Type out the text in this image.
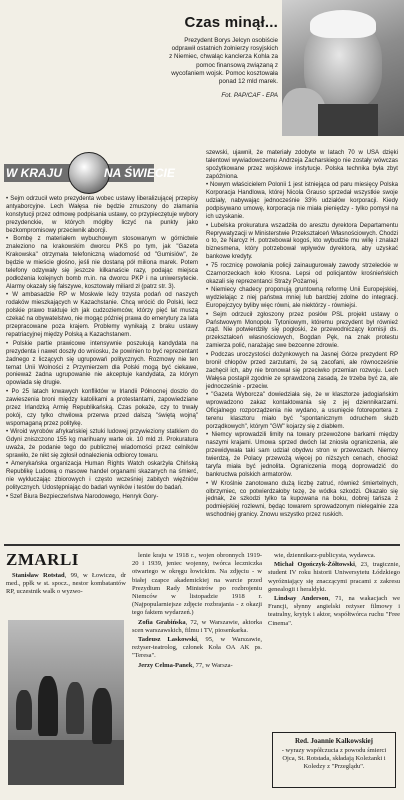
Czas minął...

Prezydent Borys Jelcyn osobiście odprawił ostatnich żołnierzy rosyjskich z Niemiec, chwaląc kanclerza Kohla za pomoc finansową związaną z wycofaniem wojsk. Pomoc kosztowała ponad 12 mld marek.

Fot. PAP/CAF - EPA
W KRAJU	NA ŚWIECIE

• Sejm odrzucił weto prezydenta wobec ustawy liberalizującej przepisy antyaborcyjne. Lech Wałęsa nie będzie zmuszony do złamania konstytucji przez odmowę podpisania ustawy, co przypieczętuje wybory prezydenckie, w których mógłby liczyć na punkty jako bezkompromisowy przeciwnik aborcji.

• Bombę z materiałem wybuchowym stosowanym w górnictwie znaleziono na krakowskim dworcu PKS po tym, jak "Gazeta Krakowska" otrzymała telefoniczną wiadomość od "Gumisiów", że będzie w mieście głośno, jeśli nie dostaną pół miliona marek. Potem telefony odzywały się jeszcze kilkanaście razy, podając miejsca podłożenia kolejnych bomb m.in. na dworcu PKP i na uniwersytecie. Alarmy okazały się fałszywe, kosztowały miliard zł (patrz str. 3).

• W ambasadzie RP w Moskwie leży trzysta podań od naszych rodaków mieszkających w Kazachstanie. Chcą wrócić do Polski, lecz polskie prawo traktuje ich jak cudzoziemców, którzy pięć lat muszą czekać na obywatelstwo, nie mogąc później prawa do emerytury za lata przepracowane poza krajem. Problemy wynikają z braku ustawy repatriacyjnej między Polską a Kazachstanem.

• Polskie partie prawicowe intensywnie poszukują kandydata na prezydenta i nawet doszły do wniosku, że powinien to być reprezentant żadnego z liczących się ugrupowań politycznych. Rozmowy nie ten temat Unii Wolności z Przymierzem dla Polski mogą być ciekawe, ponieważ żadna ugrupowanie nie akceptuje kandydata, za którym opowiada się drugie.

• Po 25 latach krwawych konfliktów w Irlandii Północnej doszło do zawieszenia broni między katolikami a protestantami, zapowiedziane przez Irlandzką Armię Republikańską. Czas pokaże, czy to trwały pokój, czy tylko chwilowa przerwa przed dalszą "świętą wojną" wspomaganą przez politykę.

• Wiroid wyrobów afrykańskiej sztuki ludowej przywieziony statkiem do Gdyni zniszczono 155 kg marihuany warte ok. 10 mld zł. Prokuratura uważa, że podanie tego do publicznej wiadomości przez celników sprawiło, że nikt się zgłosił odnalezienia odbiorcy towaru.

• Amerykańska organizacja Human Rights Watch oskarżyła Chińską Republikę Ludową o masowe handel organami skazanych na śmierć, nie wykluczając zbiorowych i często wcześniej zabitych więźniów politycznych. Udostępniając do badań wyników i testów do badań.

• Szef Biura Bezpieczeństwa Narodowego, Henryk Gory-

szewski, ujawnił, że materiały zdobyte w latach 70 w USA dzięki talentowi wywiadowczemu Andrzeja Zacharskiego nie zostały wówczas spożytkowane przez wojskowe instytucje. Polska technika była zbyt zapóźniona.

• Nowym właścicielem Polonii 1 jest istniejąca od paru miesięcy Polska Korporacja Handlowa, której Nicola Grauso sprzedał wszystkie swoje udziały, nabywając jednocześnie 33% udziałów korporacji. Kiedy podpisywano umowę, korporacja nie miała pieniędzy - tylko pomysł na ich uzyskanie.

• Lubelska prokuratura wszadziła do aresztu dyrektora Departamentu Reprywatyzacji w Ministerstwie Przekształceń Własnościowych. Chodzi o to, że Narcyz H. potrzebował kogoś, kto wybudzie mu willę i znalazł biznesmena, który potrzebował wpływów dyrektora, aby uzyskać bankowe kredyty.

• 75 rocznicę powołania policji zainaugurowały zawody strzeleckie w Czarnorzeckach koło Krosna. Lepsi od policjantów krośnieńskich okazali się reprezentanci Straży Pożarnej.

• Niemiecy chadecy proponują gruntowną reformę Unii Europejskiej, wydzielając z niej państwa mniej lub bardziej zdolne do integracji. Europejczycy byliby więc równi, ale niektórzy - równiejsi.

• Sejm odrzucił zgłoszony przez posłów PSL projekt ustawy o Państwowym Monopolu Tytoniowym, któremu prezydent był również rząd. Nie potwierdziły się pogłoski, że przewodniczący komisji ds. przekształceń własnościowych, Bogdan Pęk, na znak protestu zamierza polić, narażając swe bezcenne zdrowie.

• Podczas uroczystości dożynkowych na Jasnej Górze prezydent RP bronił chłopów przed zarzutami, że są zacofani, ale równocześnie zachęcił ich, aby nie bronował się przeciwko przemian rozwoju. Lech Wałęsa postąpił zgodnie ze sprawdzoną zasadą, że trzeba być za, ale jednocześnie - przeciw.

• "Gazeta Wyborcza" dowiedziała się, że w klasztorze jadogiańskim wprowadzono zakaz kontaktowania się z jej dziennikarzami. Oficjalnego rozporządzenia nie wydano, a usunięcie fotoreportera z terenu klasztoru miało być "spontanicznym odruchem służb porządkowych", którym "GW" kojarzy się z diabłem.

• Niemcy wprowadzili limity na towary przewożone barkami między naszymi krajami. Umowa sprzed dwóch lat zniosła ograniczenia, ale przewidywała taki sam udział obydwu stron w przewozach. Niemcy twierdzą, że Polacy przewożą więcej po niższych cenach, chociaż taryfa miała być jednolita. Ograniczenia mogą doprowadzić do bankructwa polskich armatorów.

• W Kroślnie zanotowano dużą liczbę zatruć, również śmiertelnych, olbrzymiec, co potwierdzałoby tezę, że wódka szkodzi. Okazało się jednak, że szkodzi tylko ta kupowana na boku, dobrej tańsza z podmiejskiej rozlewni, będąc towarem sprowadzonym nielegalnie zza wschodniej granicy. Znowu wszystko przez ruskich.

ZMARLI

Stanisław Rotstad, 99, w Łowiczu, dr med., ppłk w st. spocz., nestor kombatantów RP, uczestnik walk o wyzwo-

lenie kraju w 1918 r., wojen obronnych 1919-20 i 1939, jeniec wojenny, twórca leczniczka otwartego w okręgu łowickim. Na zdjęciu - w białej czapce akademickiej na warcie przed Prezydium Rady Ministrów po rozbrojeniu Niemców w listopadzie 1918 r. (Najpopularniejsze zdjęcie rozbrajania - z okazji tego faktem wydarzeń.)

Zofia Grabińska, 72, w Warszawie, aktorka scen warszawskich, filmu i TV, piosenkarka.

Tadeusz Laskowski, 95, w Warszawie, reżyser-teatrolog, członek Koła OA AK ps. "Teresa".

Jerzy Celma-Panek, 77, w Warsza-

wie, dziennikarz-publicysta, wydawca.

Michał Ogończyk-Żółtowski, 23, tragicznie, student IV roku historii Uniwersytetu Łódzkiego wyróżniający się znaczącymi pracami z zakresu genealogii i heraldyki.

Lindsay Anderson, 71, na wakacjach we Francji, słynny angielski reżyser filmowy i teatralny, krytyk i aktor, współtwórca ruchu "Free Cinema".

Red. Joannie Kalkowskiej
- wyrazy współczucia z powodu śmierci Ojca, St. Rotstada, składają Koleżanki i Koledzy z "Przeglądu".
